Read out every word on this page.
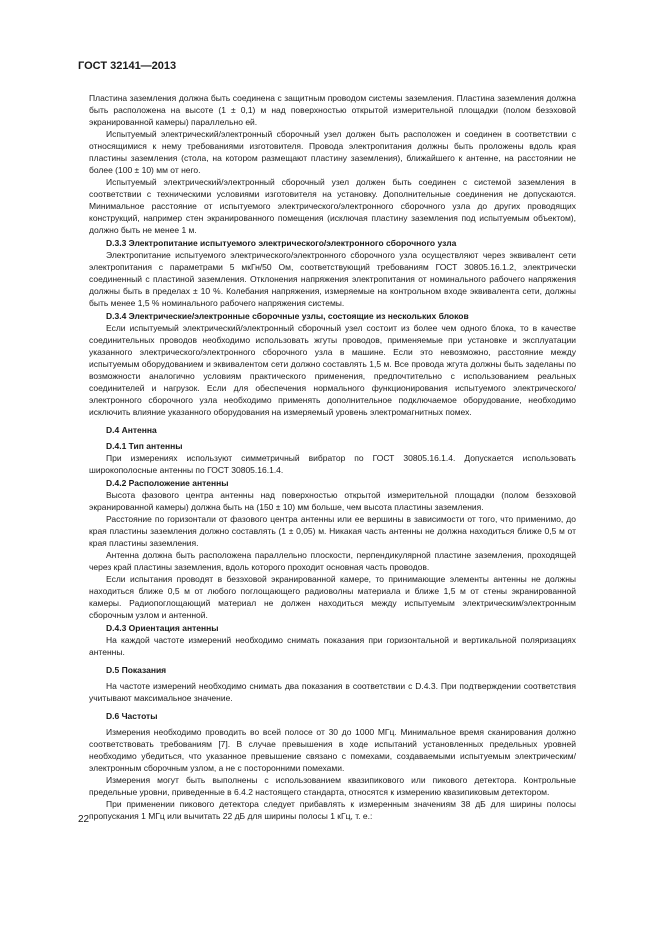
ГОСТ 32141—2013

Пластина заземления должна быть соединена с защитным проводом системы заземления. Пластина заземления должна быть расположена на высоте (1 ± 0,1) м над поверхностью открытой измерительной площадки (полом безэховой экранированной камеры) параллельно ей.

Испытуемый электрический/электронный сборочный узел должен быть расположен и соединен в соответствии с относящимися к нему требованиями изготовителя. Провода электропитания должны быть проложены вдоль края пластины заземления (стола, на котором размещают пластину заземления), ближайшего к антенне, на расстоянии не более (100 ± 10) мм от него.

Испытуемый электрический/электронный сборочный узел должен быть соединен с системой заземления в соответствии с техническими условиями изготовителя на установку. Дополнительные соединения не допускаются. Минимальное расстояние от испытуемого электрического/электронного сборочного узла до других проводящих конструкций, например стен экранированного помещения (исключая пластину заземления под испытуемым объектом), должно быть не менее 1 м.

D.3.3 Электропитание испытуемого электрического/электронного сборочного узла

Электропитание испытуемого электрического/электронного сборочного узла осуществляют через эквивалент сети электропитания с параметрами 5 мкГн/50 Ом, соответствующий требованиям ГОСТ 30805.16.1.2, электрически соединенный с пластиной заземления. Отклонения напряжения электропитания от номинального рабочего напряжения должны быть в пределах ± 10 %. Колебания напряжения, измеряемые на контрольном входе эквивалента сети, должны быть менее 1,5 % номинального рабочего напряжения системы.

D.3.4 Электрические/электронные сборочные узлы, состоящие из нескольких блоков

Если испытуемый электрический/электронный сборочный узел состоит из более чем одного блока, то в качестве соединительных проводов необходимо использовать жгуты проводов, применяемые при установке и эксплуатации указанного электрического/электронного сборочного узла в машине. Если это невозможно, расстояние между испытуемым оборудованием и эквивалентом сети должно составлять 1,5 м. Все провода жгута должны быть заделаны по возможности аналогично условиям практического применения, предпочтительно с использованием реальных соединителей и нагрузок. Если для обеспечения нормального функционирования испытуемого электрического/электронного сборочного узла необходимо применять дополнительное подключаемое оборудование, необходимо исключить влияние указанного оборудования на измеряемый уровень электромагнитных помех.

D.4 Антенна
D.4.1 Тип антенны

При измерениях используют симметричный вибратор по ГОСТ 30805.16.1.4. Допускается использовать широкополосные антенны по ГОСТ 30805.16.1.4.

D.4.2 Расположение антенны

Высота фазового центра антенны над поверхностью открытой измерительной площадки (полом безэховой экранированной камеры) должна быть на (150 ± 10) мм больше, чем высота пластины заземления.

Расстояние по горизонтали от фазового центра антенны или ее вершины в зависимости от того, что применимо, до края пластины заземления должно составлять (1 ± 0,05) м. Никакая часть антенны не должна находиться ближе 0,5 м от края пластины заземления.

Антенна должна быть расположена параллельно плоскости, перпендикулярной пластине заземления, проходящей через край пластины заземления, вдоль которого проходит основная часть проводов.

Если испытания проводят в безэховой экранированной камере, то принимающие элементы антенны не должны находиться ближе 0,5 м от любого поглощающего радиоволны материала и ближе 1,5 м от стены экранированной камеры. Радиопоглощающий материал не должен находиться между испытуемым электрическим/электронным сборочным узлом и антенной.

D.4.3 Ориентация антенны

На каждой частоте измерений необходимо снимать показания при горизонтальной и вертикальной поляризациях антенны.

D.5 Показания

На частоте измерений необходимо снимать два показания в соответствии с D.4.3. При подтверждении соответствия учитывают максимальное значение.

D.6 Частоты

Измерения необходимо проводить во всей полосе от 30 до 1000 МГц. Минимальное время сканирования должно соответствовать требованиям [7]. В случае превышения в ходе испытаний установленных предельных уровней необходимо убедиться, что указанное превышение связано с помехами, создаваемыми испытуемым электрическим/электронным сборочным узлом, а не с посторонними помехами.

Измерения могут быть выполнены с использованием квазипикового или пикового детектора. Контрольные предельные уровни, приведенные в 6.4.2 настоящего стандарта, относятся к измерению квазипиковым детектором.

При применении пикового детектора следует прибавлять к измеренным значениям 38 дБ для ширины полосы пропускания 1 МГц или вычитать 22 дБ для ширины полосы 1 кГц, т. е.:

22
